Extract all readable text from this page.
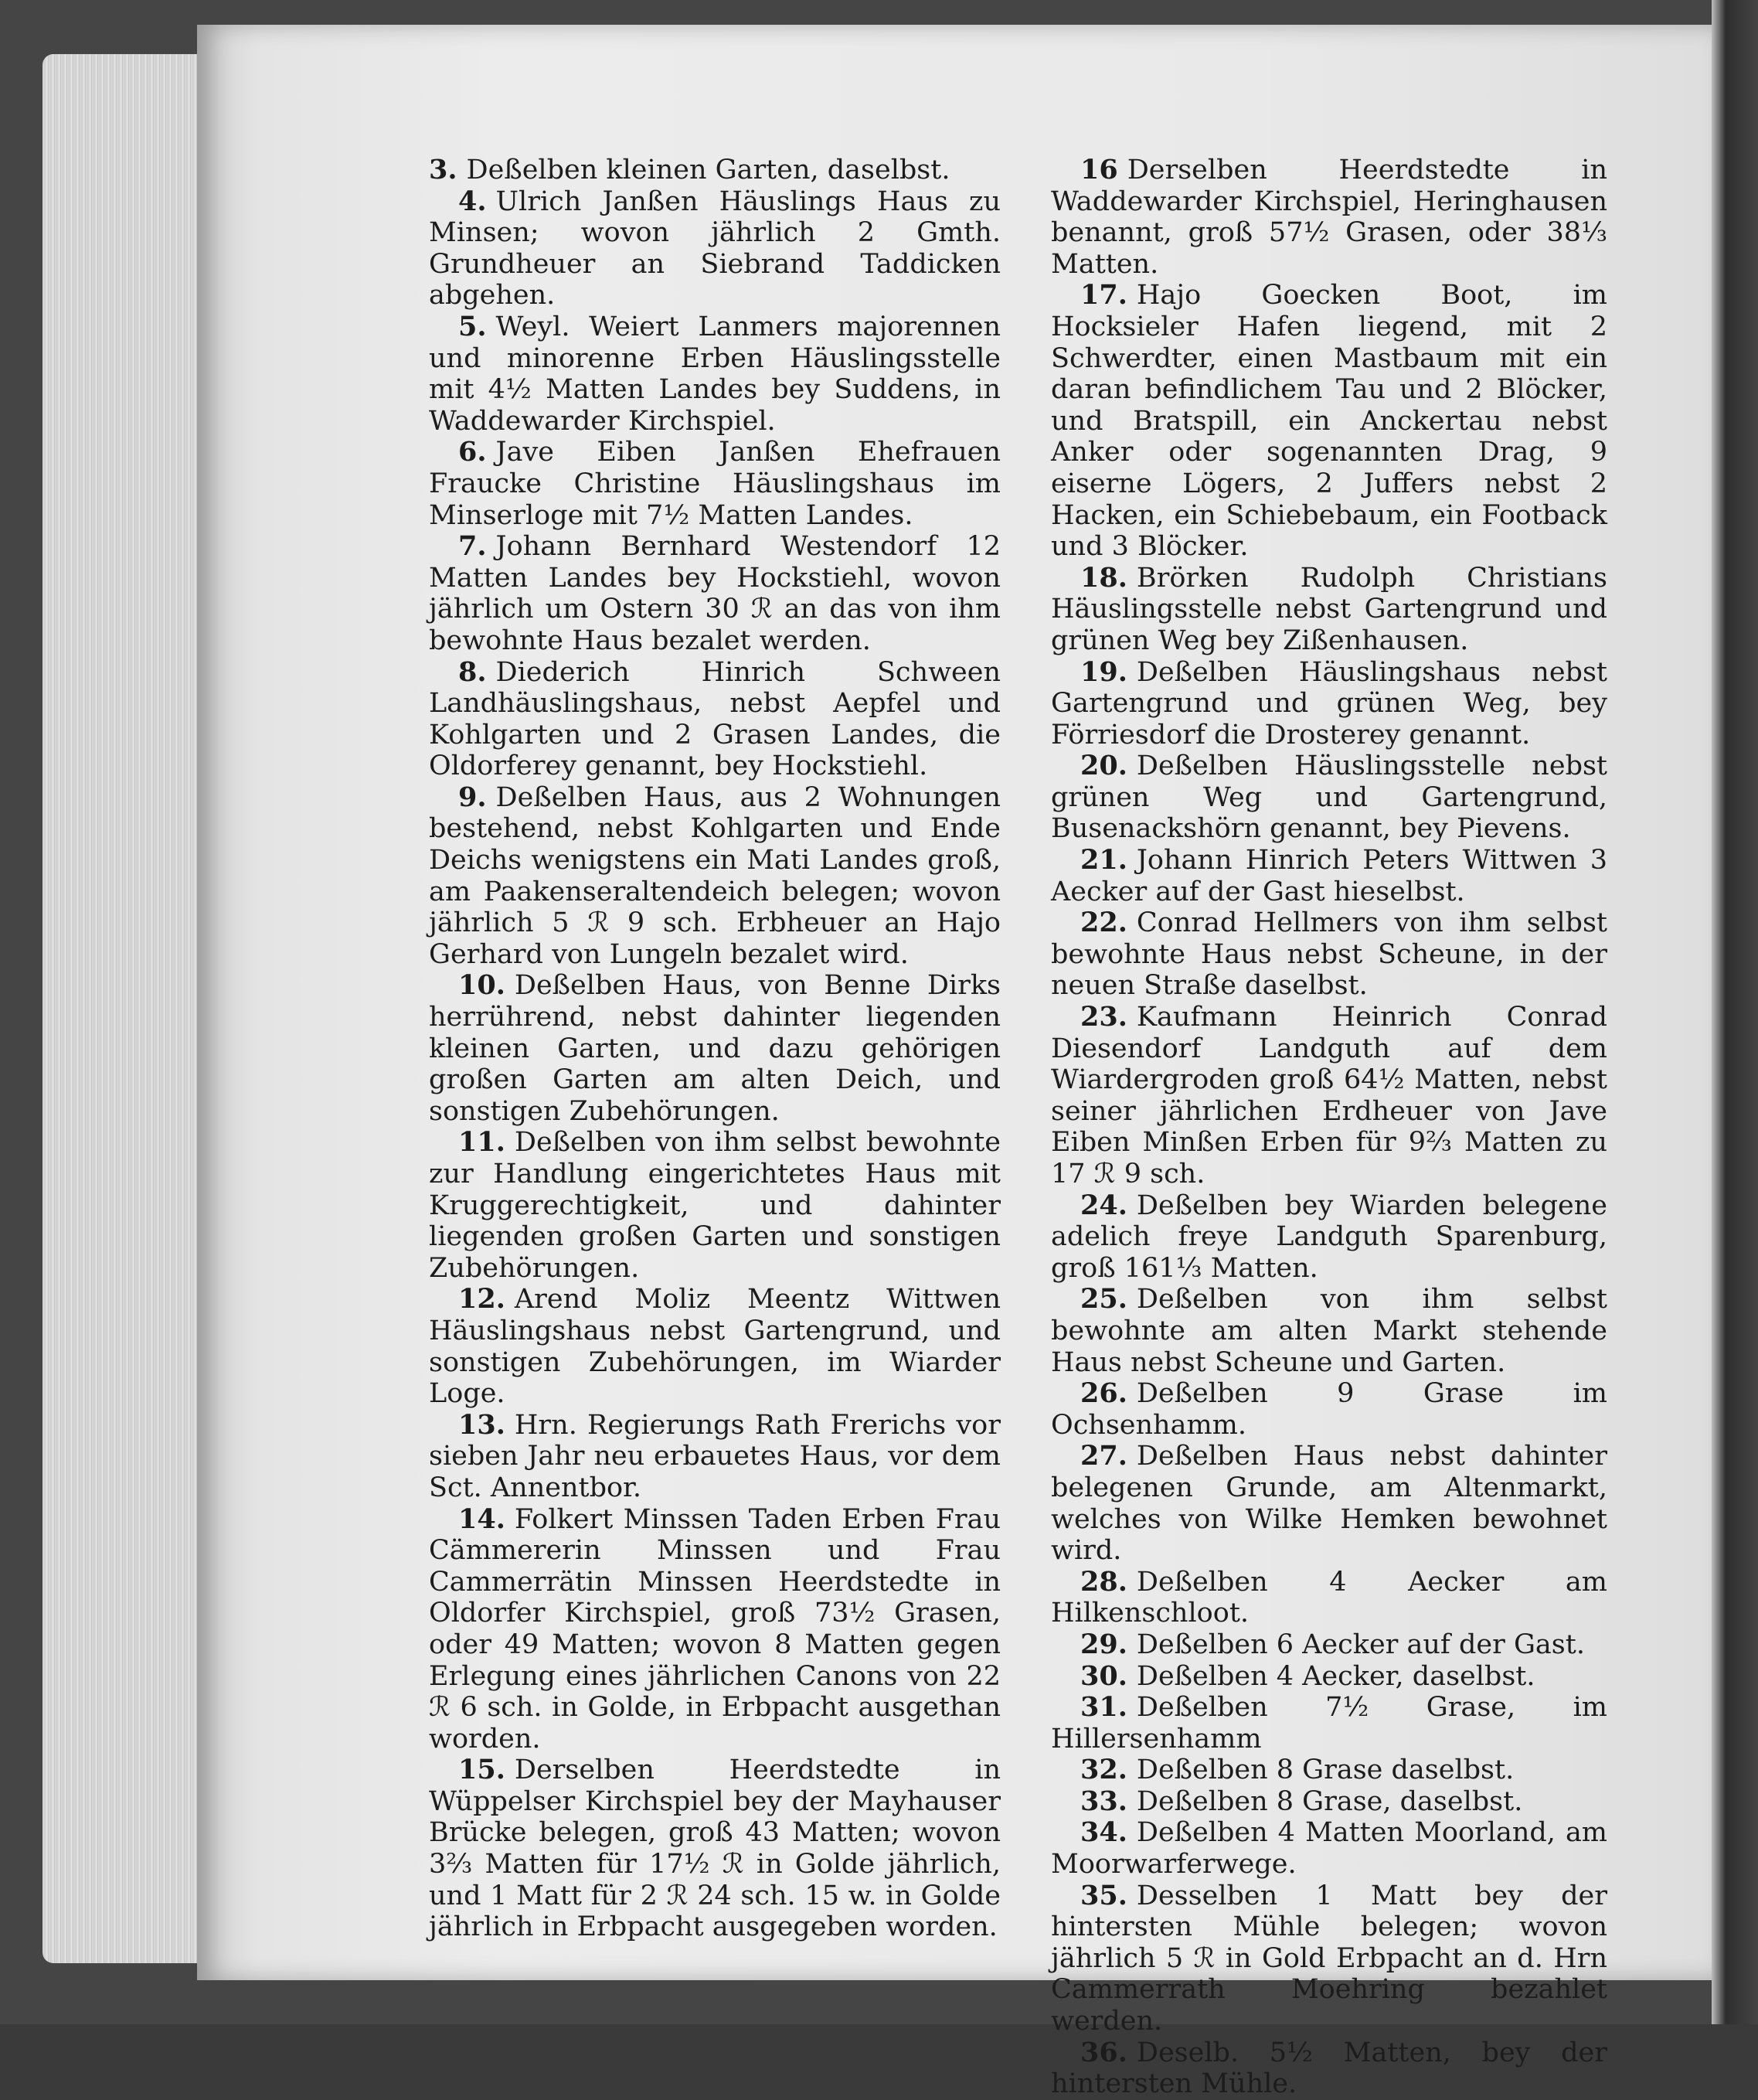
3. Deßelben kleinen Garten, daselbst.

4. Ulrich Janßen Häuslings Haus zu Minsen; wovon jährlich 2 Gmth. Grundheuer an Siebrand Taddicken abgehen.

5. Weyl. Weiert Lanmers majorennen und minorenne Erben Häuslingsstelle mit 4½ Matten Landes bey Suddens, in Waddewarder Kirchspiel.

6. Jave Eiben Janßen Ehefrauen Fraucke Christine Häuslingshaus im Minserloge mit 7½ Matten Landes.

7. Johann Bernhard Westendorf 12 Matten Landes bey Hockstiehl, wovon jährlich um Ostern 30 ℛ an das von ihm bewohnte Haus bezalet werden.

8. Diederich Hinrich Schween Landhäuslingshaus, nebst Aepfel und Kohlgarten und 2 Grasen Landes, die Oldorferey genannt, bey Hockstiehl.

9. Deßelben Haus, aus 2 Wohnungen bestehend, nebst Kohlgarten und Ende Deichs wenigstens ein Mati Landes groß, am Paakenseraltendeich belegen; wovon jährlich 5 ℛ 9 sch. Erbheuer an Hajo Gerhard von Lungeln bezalet wird.

10. Deßelben Haus, von Benne Dirks herrührend, nebst dahinter liegenden kleinen Garten, und dazu gehörigen großen Garten am alten Deich, und sonstigen Zubehörungen.

11. Deßelben von ihm selbst bewohnte zur Handlung eingerichtetes Haus mit Kruggerechtigkeit, und dahinter liegenden großen Garten und sonstigen Zubehörungen.

12. Arend Moliz Meentz Wittwen Häuslingshaus nebst Gartengrund, und sonstigen Zubehörungen, im Wiarder Loge.

13. Hrn. Regierungs Rath Frerichs vor sieben Jahr neu erbauetes Haus, vor dem Sct. Annentbor.

14. Folkert Minssen Taden Erben Frau Cämmererin Minssen und Frau Cammerrätin Minssen Heerdstedte in Oldorfer Kirchspiel, groß 73½ Grasen, oder 49 Matten; wovon 8 Matten gegen Erlegung eines jährlichen Canons von 22 ℛ 6 sch. in Golde, in Erbpacht ausgethan worden.

15. Derselben Heerdstedte in Wüppelser Kirchspiel bey der Mayhauser Brücke belegen, groß 43 Matten; wovon 3⅔ Matten für 17½ ℛ in Golde jährlich, und 1 Matt für 2 ℛ 24 sch. 15 w. in Golde jährlich in Erbpacht ausgegeben worden.

16 Derselben Heerdstedte in Waddewarder Kirchspiel, Heringhausen benannt, groß 57½ Grasen, oder 38⅓ Matten.

17. Hajo Goecken Boot, im Hocksieler Hafen liegend, mit 2 Schwerdter, einen Mastbaum mit ein daran befindlichem Tau und 2 Blöcker, und Bratspill, ein Anckertau nebst Anker oder sogenannten Drag, 9 eiserne Lögers, 2 Juffers nebst 2 Hacken, ein Schiebebaum, ein Footback und 3 Blöcker.

18. Brörken Rudolph Christians Häuslingsstelle nebst Gartengrund und grünen Weg bey Zißenhausen.

19. Deßelben Häuslingshaus nebst Gartengrund und grünen Weg, bey Förriesdorf die Drosterey genannt.

20. Deßelben Häuslingsstelle nebst grünen Weg und Gartengrund, Busenackshörn genannt, bey Pievens.

21. Johann Hinrich Peters Wittwen 3 Aecker auf der Gast hieselbst.

22. Conrad Hellmers von ihm selbst bewohnte Haus nebst Scheune, in der neuen Straße daselbst.

23. Kaufmann Heinrich Conrad Diesendorf Landguth auf dem Wiardergroden groß 64½ Matten, nebst seiner jährlichen Erdheuer von Jave Eiben Minßen Erben für 9⅔ Matten zu 17 ℛ 9 sch.

24. Deßelben bey Wiarden belegene adelich freye Landguth Sparenburg, groß 161⅓ Matten.

25. Deßelben von ihm selbst bewohnte am alten Markt stehende Haus nebst Scheune und Garten.

26. Deßelben 9 Grase im Ochsenhamm.

27. Deßelben Haus nebst dahinter belegenen Grunde, am Altenmarkt, welches von Wilke Hemken bewohnet wird.

28. Deßelben 4 Aecker am Hilkenschloot.

29. Deßelben 6 Aecker auf der Gast.

30. Deßelben 4 Aecker, daselbst.

31. Deßelben 7½ Grase, im Hillersenhamm

32. Deßelben 8 Grase daselbst.

33. Deßelben 8 Grase, daselbst.

34. Deßelben 4 Matten Moorland, am Moorwarferwege.

35. Desselben 1 Matt bey der hintersten Mühle belegen; wovon jährlich 5 ℛ in Gold Erbpacht an d. Hrn Cammerrath Moehring bezahlet werden.

36. Deselb. 5½ Matten, bey der hintersten Mühle.
